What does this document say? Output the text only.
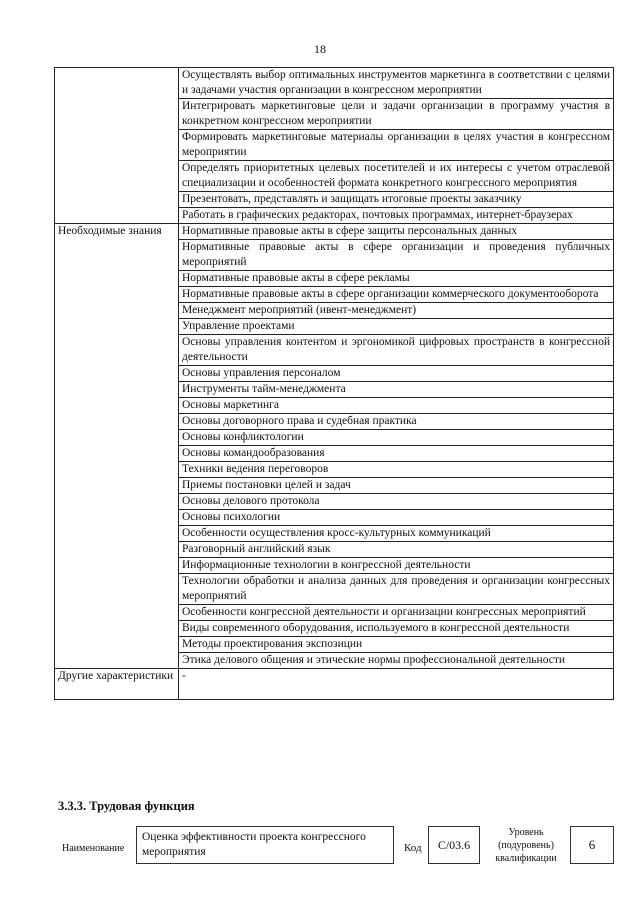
18
	Осуществлять выбор оптимальных инструментов маркетинга в соответствии с целями и задачами участия организации в конгрессном мероприятии
	Интегрировать маркетинговые цели и задачи организации в программу участия в конкретном конгрессном мероприятии
	Формировать маркетинговые материалы организации в целях участия в конгрессном мероприятии
	Определять приоритетных целевых посетителей и их интересы с учетом отраслевой специализации и особенностей формата конкретного конгрессного мероприятия
	Презентовать, представлять и защищать итоговые проекты заказчику
	Работать в графических редакторах, почтовых программах, интернет-браузерах
Необходимые знания	Нормативные правовые акты в сфере защиты персональных данных
	Нормативные правовые акты в сфере организации и проведения публичных мероприятий
	Нормативные правовые акты в сфере рекламы
	Нормативные правовые акты в сфере организации коммерческого документооборота
	Менеджмент мероприятий (ивент-менеджмент)
	Управление проектами
	Основы управления контентом и эргономикой цифровых пространств в конгрессной деятельности
	Основы управления персоналом
	Инструменты тайм-менеджмента
	Основы маркетинга
	Основы договорного права и судебная практика
	Основы конфликтологии
	Основы командообразования
	Техники ведения переговоров
	Приемы постановки целей и задач
	Основы делового протокола
	Основы психологии
	Особенности осуществления кросс-культурных коммуникаций
	Разговорный английский язык
	Информационные технологии в конгрессной деятельности
	Технологии обработки и анализа данных для проведения и организации конгрессных мероприятий
	Особенности конгрессной деятельности и организации конгрессных мероприятий
	Виды современного оборудования, используемого в конгрессной деятельности
	Методы проектирования экспозиции
	Этика делового общения и этические нормы профессиональной деятельности
Другие характеристики	-
3.3.3. Трудовая функция
Наименование
Оценка эффективности проекта конгрессного мероприятия	Код	C/03.6
Уровень (подуровень) квалификации
6
